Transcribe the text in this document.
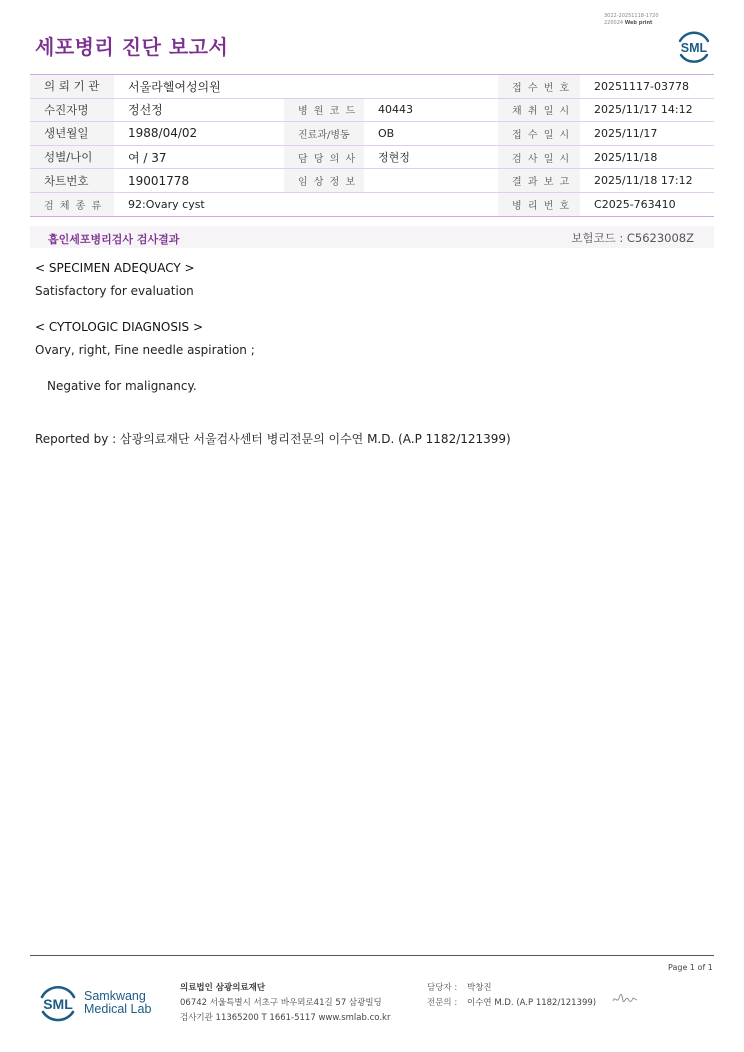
3022-20251118-1720
220024 Web print
세포병리 진단 보고서	SML
의 뢰 기 관	서울라헬여성의원			접 수 번 호	20251117-03778
수진자명	정선정	병 원 코 드	40443	채 취 일 시	2025/11/17 14:12
생년월일	1988/04/02	진료과/병동	OB	접 수 일 시	2025/11/17
성별/나이	여 / 37	담 당 의 사	정현정	검 사 일 시	2025/11/18
차트번호	19001778	임 상 정 보		결 과 보 고	2025/11/18 17:12
검 체 종 류	92:Ovary cyst			병 리 번 호	C2025-763410
흡인세포병리검사 검사결과	보험코드 : C5623008Z
< SPECIMEN ADEQUACY >
Satisfactory for evaluation
< CYTOLOGIC DIAGNOSIS >
Ovary, right, Fine needle aspiration ;
Negative for malignancy.
Reported by : 삼광의료재단 서울검사센터 병리전문의 이수연 M.D. (A.P 1182/121399)
Page 1 of 1
SML Samkwang
Medical Lab
의료법인 삼광의료재단
06742 서울특별시 서초구 바우뫼로41길 57 삼광빌딩
검사기관 11365200 T 1661-5117 www.smlab.co.kr
담당자 : 박창진
전문의 : 이수연 M.D. (A.P 1182/121399)
